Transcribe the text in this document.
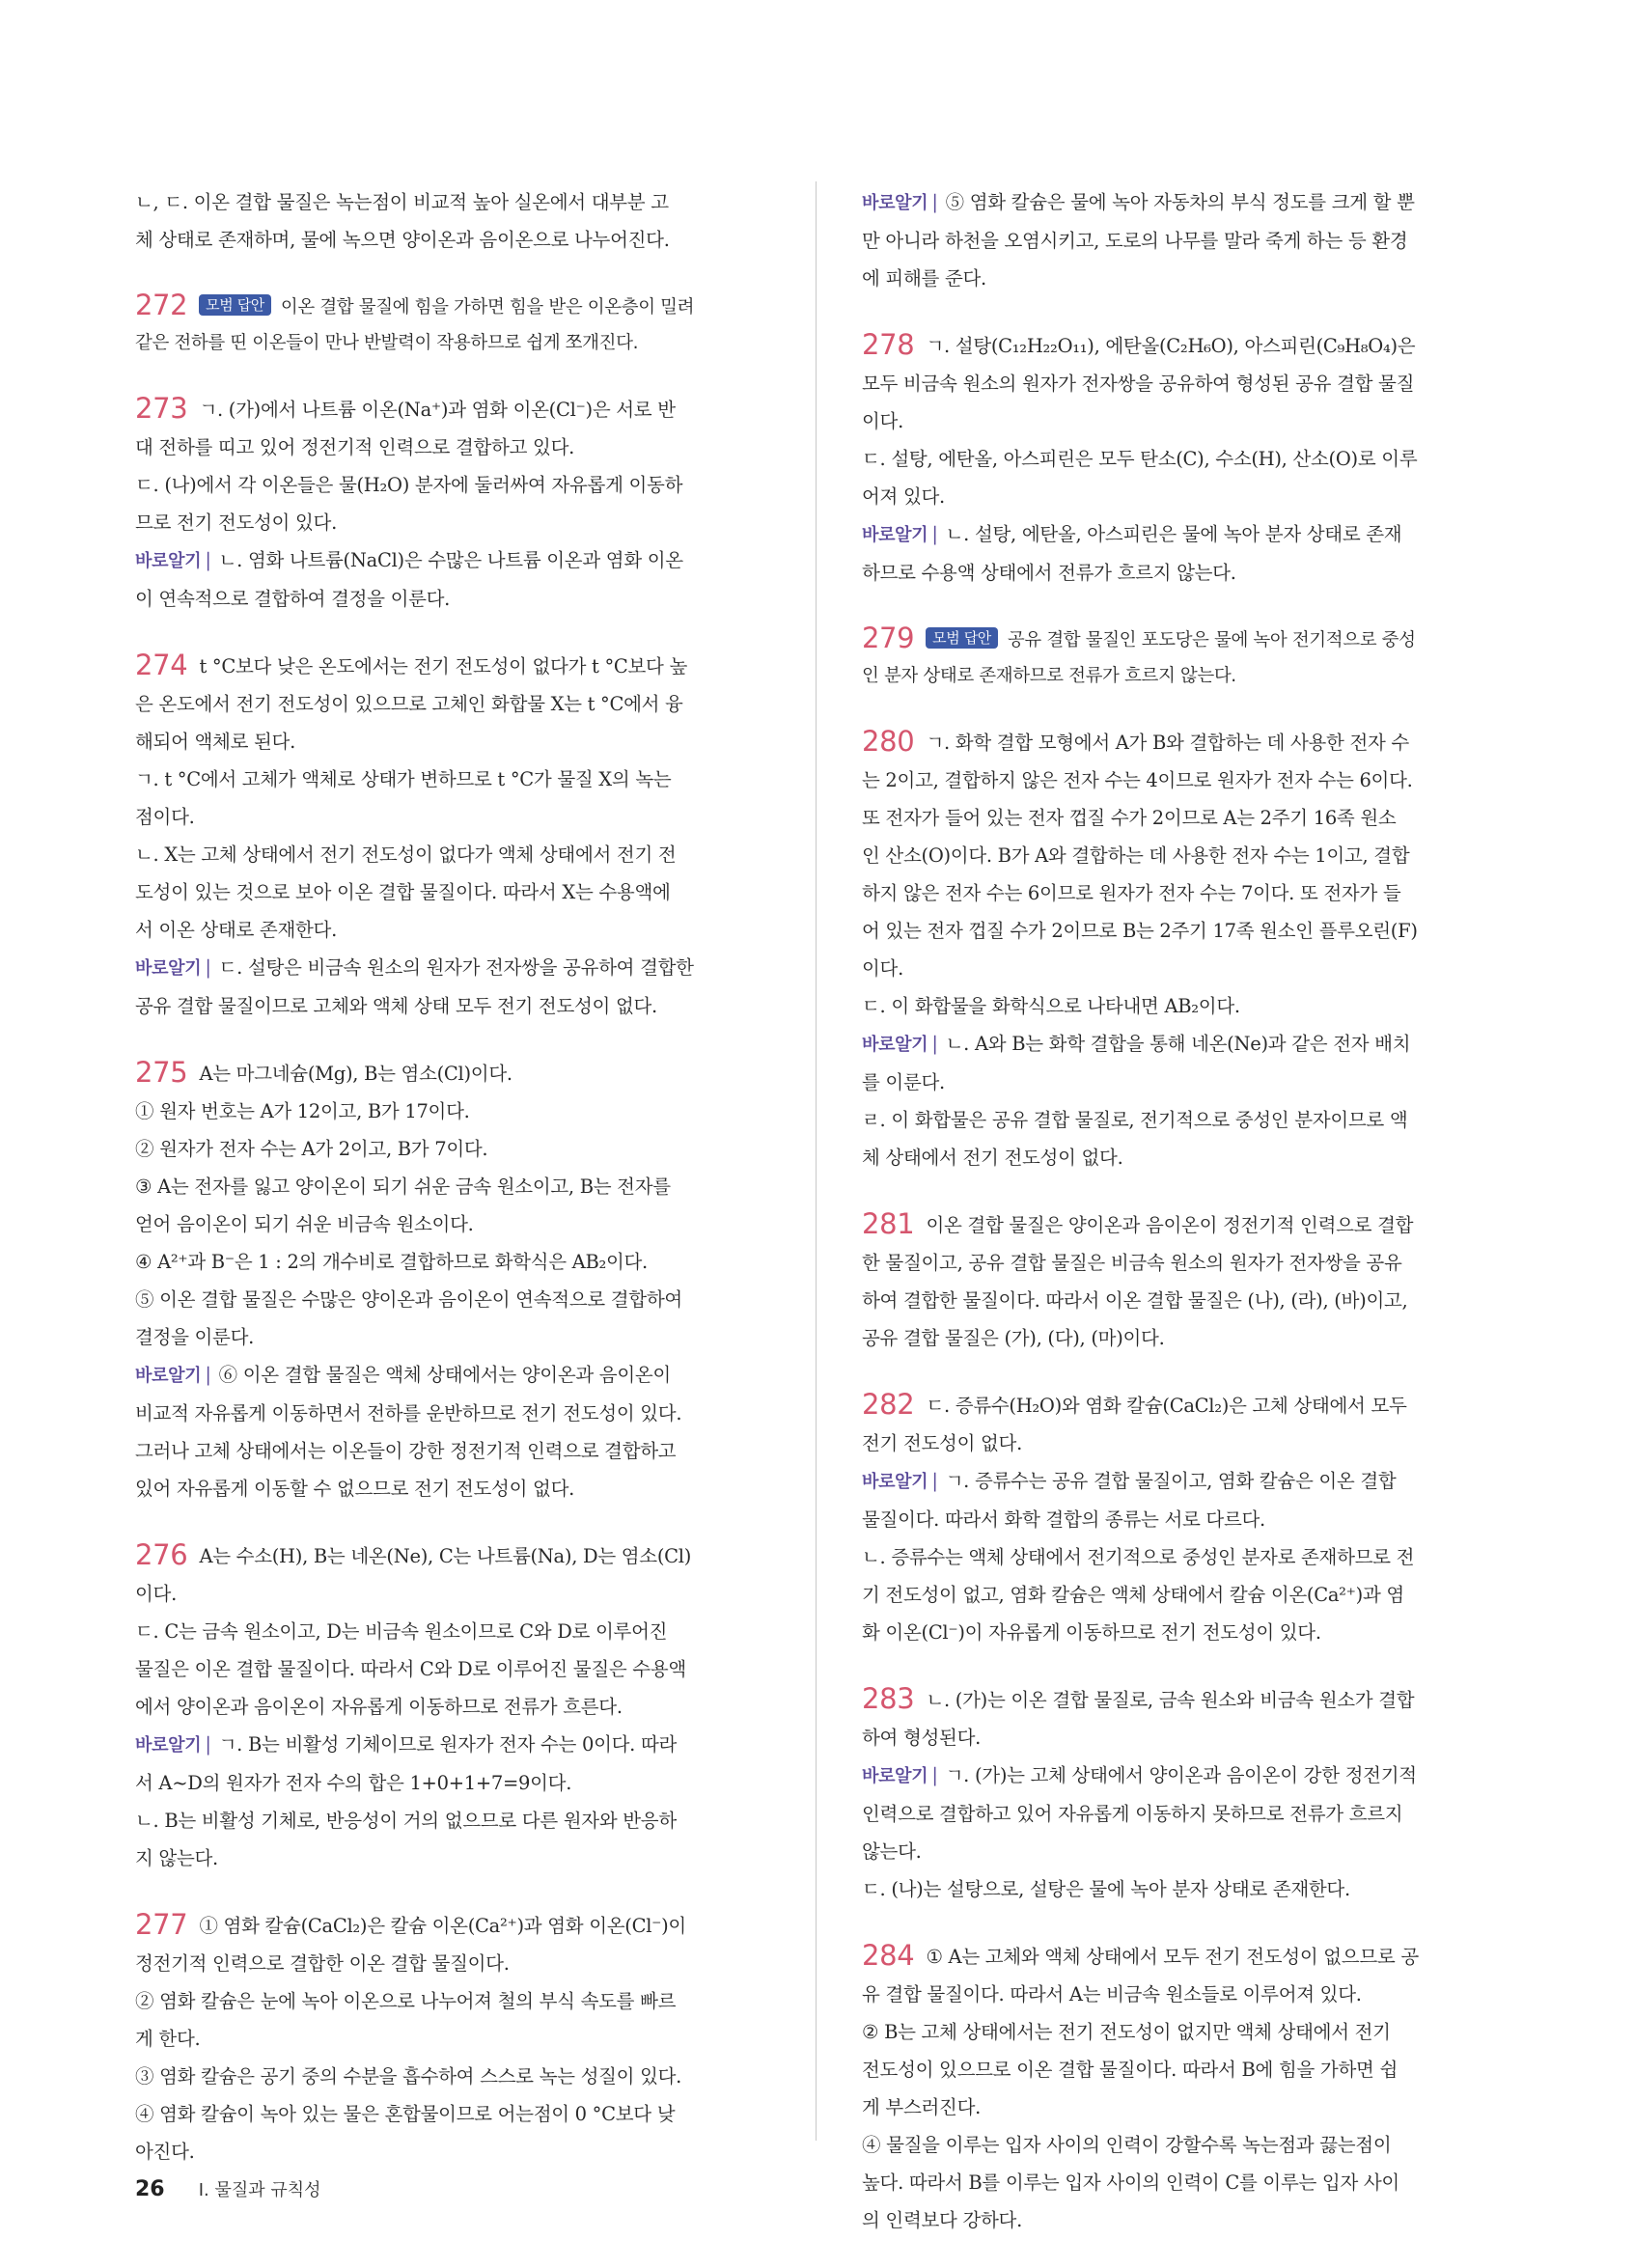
ㄴ, ㄷ. 이온 결합 물질은 녹는점이 비교적 높아 실온에서 대부분 고
체 상태로 존재하며, 물에 녹으면 양이온과 음이온으로 나누어진다.
272 모범 답안 이온 결합 물질에 힘을 가하면 힘을 받은 이온층이 밀려
같은 전하를 띤 이온들이 만나 반발력이 작용하므로 쉽게 쪼개진다.
273 ㄱ. (가)에서 나트륨 이온(Na⁺)과 염화 이온(Cl⁻)은 서로 반
대 전하를 띠고 있어 정전기적 인력으로 결합하고 있다.
ㄷ. (나)에서 각 이온들은 물(H₂O) 분자에 둘러싸여 자유롭게 이동하
므로 전기 전도성이 있다.
바로알기 | ㄴ. 염화 나트륨(NaCl)은 수많은 나트륨 이온과 염화 이온
이 연속적으로 결합하여 결정을 이룬다.
274 t °C보다 낮은 온도에서는 전기 전도성이 없다가 t °C보다 높
은 온도에서 전기 전도성이 있으므로 고체인 화합물 X는 t °C에서 융
해되어 액체로 된다.
ㄱ. t °C에서 고체가 액체로 상태가 변하므로 t °C가 물질 X의 녹는
점이다.
ㄴ. X는 고체 상태에서 전기 전도성이 없다가 액체 상태에서 전기 전
도성이 있는 것으로 보아 이온 결합 물질이다. 따라서 X는 수용액에
서 이온 상태로 존재한다.
바로알기 | ㄷ. 설탕은 비금속 원소의 원자가 전자쌍을 공유하여 결합한
공유 결합 물질이므로 고체와 액체 상태 모두 전기 전도성이 없다.
275 A는 마그네슘(Mg), B는 염소(Cl)이다.
① 원자 번호는 A가 12이고, B가 17이다.
② 원자가 전자 수는 A가 2이고, B가 7이다.
③ A는 전자를 잃고 양이온이 되기 쉬운 금속 원소이고, B는 전자를
얻어 음이온이 되기 쉬운 비금속 원소이다.
④ A²⁺과 B⁻은 1 : 2의 개수비로 결합하므로 화학식은 AB₂이다.
⑤ 이온 결합 물질은 수많은 양이온과 음이온이 연속적으로 결합하여
결정을 이룬다.
바로알기 | ⑥ 이온 결합 물질은 액체 상태에서는 양이온과 음이온이
비교적 자유롭게 이동하면서 전하를 운반하므로 전기 전도성이 있다.
그러나 고체 상태에서는 이온들이 강한 정전기적 인력으로 결합하고
있어 자유롭게 이동할 수 없으므로 전기 전도성이 없다.
276 A는 수소(H), B는 네온(Ne), C는 나트륨(Na), D는 염소(Cl)
이다.
ㄷ. C는 금속 원소이고, D는 비금속 원소이므로 C와 D로 이루어진
물질은 이온 결합 물질이다. 따라서 C와 D로 이루어진 물질은 수용액
에서 양이온과 음이온이 자유롭게 이동하므로 전류가 흐른다.
바로알기 | ㄱ. B는 비활성 기체이므로 원자가 전자 수는 0이다. 따라
서 A~D의 원자가 전자 수의 합은 1+0+1+7=9이다.
ㄴ. B는 비활성 기체로, 반응성이 거의 없으므로 다른 원자와 반응하
지 않는다.
277 ① 염화 칼슘(CaCl₂)은 칼슘 이온(Ca²⁺)과 염화 이온(Cl⁻)이
정전기적 인력으로 결합한 이온 결합 물질이다.
② 염화 칼슘은 눈에 녹아 이온으로 나누어져 철의 부식 속도를 빠르
게 한다.
③ 염화 칼슘은 공기 중의 수분을 흡수하여 스스로 녹는 성질이 있다.
④ 염화 칼슘이 녹아 있는 물은 혼합물이므로 어는점이 0 °C보다 낮
아진다.
바로알기 | ⑤ 염화 칼슘은 물에 녹아 자동차의 부식 정도를 크게 할 뿐
만 아니라 하천을 오염시키고, 도로의 나무를 말라 죽게 하는 등 환경
에 피해를 준다.
278 ㄱ. 설탕(C₁₂H₂₂O₁₁), 에탄올(C₂H₆O), 아스피린(C₉H₈O₄)은
모두 비금속 원소의 원자가 전자쌍을 공유하여 형성된 공유 결합 물질
이다.
ㄷ. 설탕, 에탄올, 아스피린은 모두 탄소(C), 수소(H), 산소(O)로 이루
어져 있다.
바로알기 | ㄴ. 설탕, 에탄올, 아스피린은 물에 녹아 분자 상태로 존재
하므로 수용액 상태에서 전류가 흐르지 않는다.
279 모범 답안 공유 결합 물질인 포도당은 물에 녹아 전기적으로 중성
인 분자 상태로 존재하므로 전류가 흐르지 않는다.
280 ㄱ. 화학 결합 모형에서 A가 B와 결합하는 데 사용한 전자 수
는 2이고, 결합하지 않은 전자 수는 4이므로 원자가 전자 수는 6이다.
또 전자가 들어 있는 전자 껍질 수가 2이므로 A는 2주기 16족 원소
인 산소(O)이다. B가 A와 결합하는 데 사용한 전자 수는 1이고, 결합
하지 않은 전자 수는 6이므로 원자가 전자 수는 7이다. 또 전자가 들
어 있는 전자 껍질 수가 2이므로 B는 2주기 17족 원소인 플루오린(F)
이다.
ㄷ. 이 화합물을 화학식으로 나타내면 AB₂이다.
바로알기 | ㄴ. A와 B는 화학 결합을 통해 네온(Ne)과 같은 전자 배치
를 이룬다.
ㄹ. 이 화합물은 공유 결합 물질로, 전기적으로 중성인 분자이므로 액
체 상태에서 전기 전도성이 없다.
281 이온 결합 물질은 양이온과 음이온이 정전기적 인력으로 결합
한 물질이고, 공유 결합 물질은 비금속 원소의 원자가 전자쌍을 공유
하여 결합한 물질이다. 따라서 이온 결합 물질은 (나), (라), (바)이고,
공유 결합 물질은 (가), (다), (마)이다.
282 ㄷ. 증류수(H₂O)와 염화 칼슘(CaCl₂)은 고체 상태에서 모두
전기 전도성이 없다.
바로알기 | ㄱ. 증류수는 공유 결합 물질이고, 염화 칼슘은 이온 결합
물질이다. 따라서 화학 결합의 종류는 서로 다르다.
ㄴ. 증류수는 액체 상태에서 전기적으로 중성인 분자로 존재하므로 전
기 전도성이 없고, 염화 칼슘은 액체 상태에서 칼슘 이온(Ca²⁺)과 염
화 이온(Cl⁻)이 자유롭게 이동하므로 전기 전도성이 있다.
283 ㄴ. (가)는 이온 결합 물질로, 금속 원소와 비금속 원소가 결합
하여 형성된다.
바로알기 | ㄱ. (가)는 고체 상태에서 양이온과 음이온이 강한 정전기적
인력으로 결합하고 있어 자유롭게 이동하지 못하므로 전류가 흐르지
않는다.
ㄷ. (나)는 설탕으로, 설탕은 물에 녹아 분자 상태로 존재한다.
284 ① A는 고체와 액체 상태에서 모두 전기 전도성이 없으므로 공
유 결합 물질이다. 따라서 A는 비금속 원소들로 이루어져 있다.
② B는 고체 상태에서는 전기 전도성이 없지만 액체 상태에서 전기
전도성이 있으므로 이온 결합 물질이다. 따라서 B에 힘을 가하면 쉽
게 부스러진다.
④ 물질을 이루는 입자 사이의 인력이 강할수록 녹는점과 끓는점이
높다. 따라서 B를 이루는 입자 사이의 인력이 C를 이루는 입자 사이
의 인력보다 강하다.
26 I. 물질과 규칙성
